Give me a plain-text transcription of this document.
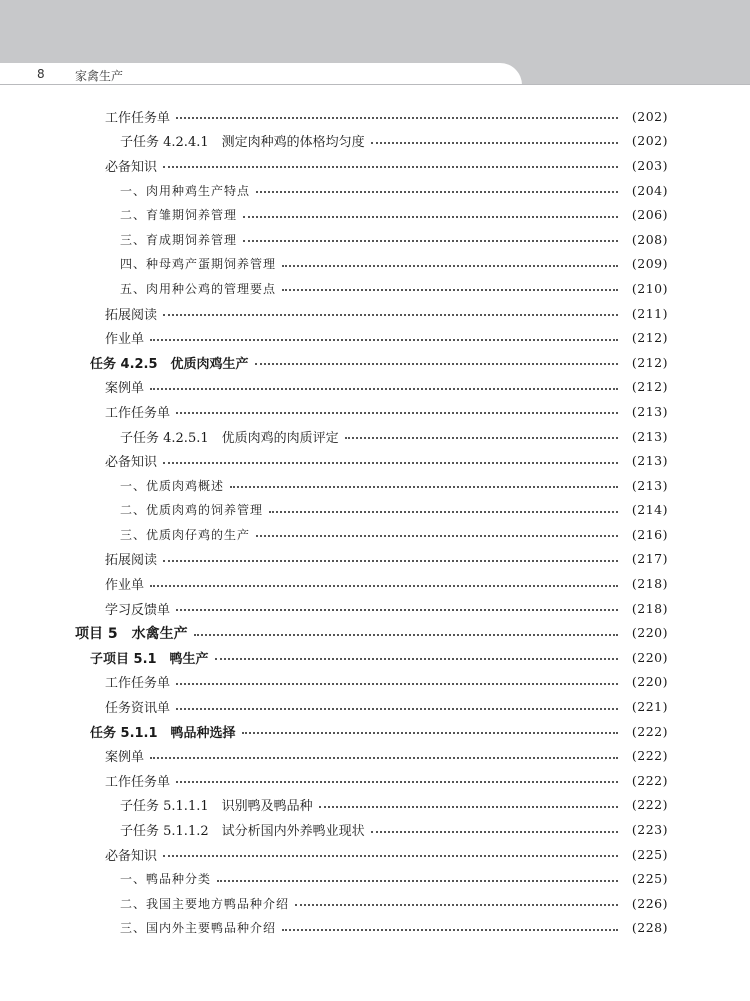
8	家禽生产
工作任务单	(202)
子任务 4.2.4.1　测定肉种鸡的体格均匀度	(202)
必备知识	(203)
一、肉用种鸡生产特点	(204)
二、育雏期饲养管理	(206)
三、育成期饲养管理	(208)
四、种母鸡产蛋期饲养管理	(209)
五、肉用种公鸡的管理要点	(210)
拓展阅读	(211)
作业单	(212)
任务 4.2.5　优质肉鸡生产	(212)
案例单	(212)
工作任务单	(213)
子任务 4.2.5.1　优质肉鸡的肉质评定	(213)
必备知识	(213)
一、优质肉鸡概述	(213)
二、优质肉鸡的饲养管理	(214)
三、优质肉仔鸡的生产	(216)
拓展阅读	(217)
作业单	(218)
学习反馈单	(218)
项目 5　水禽生产	(220)
子项目 5.1　鸭生产	(220)
工作任务单	(220)
任务资讯单	(221)
任务 5.1.1　鸭品种选择	(222)
案例单	(222)
工作任务单	(222)
子任务 5.1.1.1　识别鸭及鸭品种	(222)
子任务 5.1.1.2　试分析国内外养鸭业现状	(223)
必备知识	(225)
一、鸭品种分类	(225)
二、我国主要地方鸭品种介绍	(226)
三、国内外主要鸭品种介绍	(228)
